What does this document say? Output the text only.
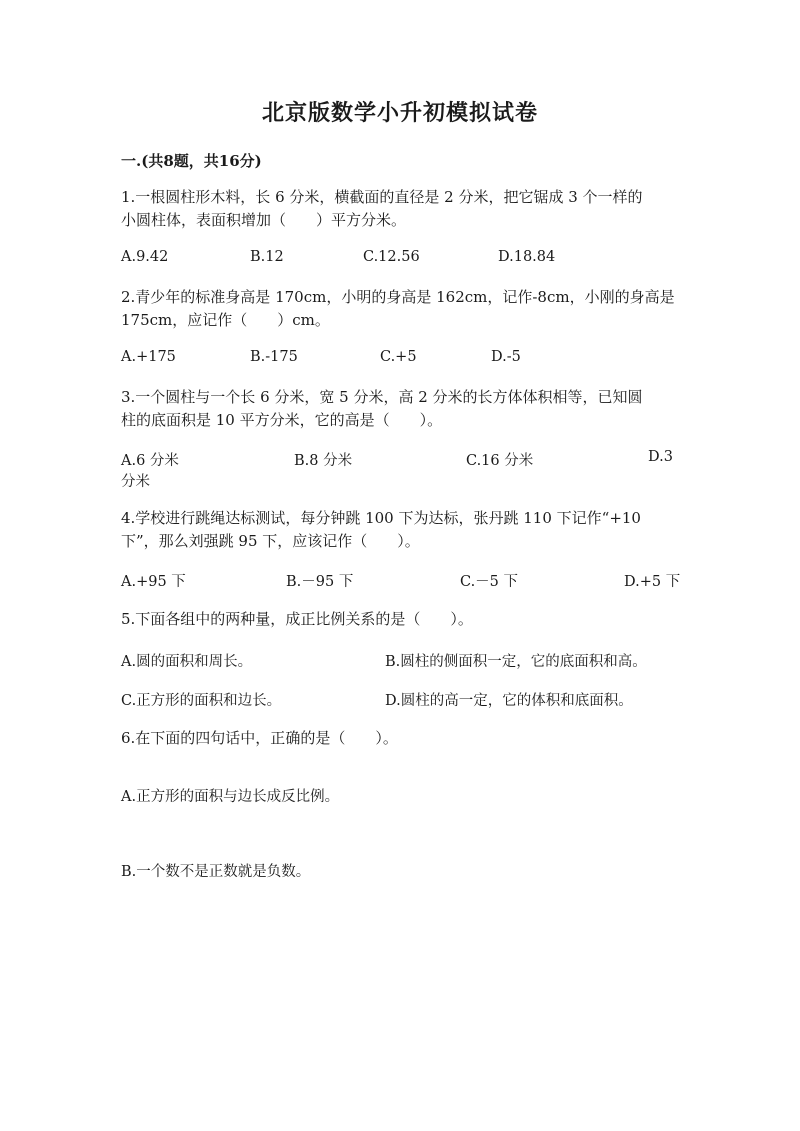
北京版数学小升初模拟试卷
一.(共8题，共16分)
1.一根圆柱形木料，长 6 分米，横截面的直径是 2 分米，把它锯成 3 个一样的
小圆柱体，表面积增加（　　）平方分米。
A.9.42	B.12	C.12.56	D.18.84
2.青少年的标准身高是 170cm，小明的身高是 162cm，记作-8cm，小刚的身高是
175cm，应记作（　　）cm。
A.+175	B.-175	C.+5	D.-5
3.一个圆柱与一个长 6 分米，宽 5 分米，高 2 分米的长方体体积相等，已知圆
柱的底面积是 10 平方分米，它的高是（　　）。
A.6 分米	B.8 分米	C.16 分米	D.3
分米
4.学校进行跳绳达标测试，每分钟跳 100 下为达标，张丹跳 110 下记作“+10
下”，那么刘强跳 95 下，应该记作（　　）。
A.+95 下	B.－95 下	C.－5 下	D.+5 下
5.下面各组中的两种量，成正比例关系的是（　　）。
A.圆的面积和周长。	B.圆柱的侧面积一定，它的底面积和高。
C.正方形的面积和边长。	D.圆柱的高一定，它的体积和底面积。
6.在下面的四句话中，正确的是（　　）。
A.正方形的面积与边长成反比例。
B.一个数不是正数就是负数。
